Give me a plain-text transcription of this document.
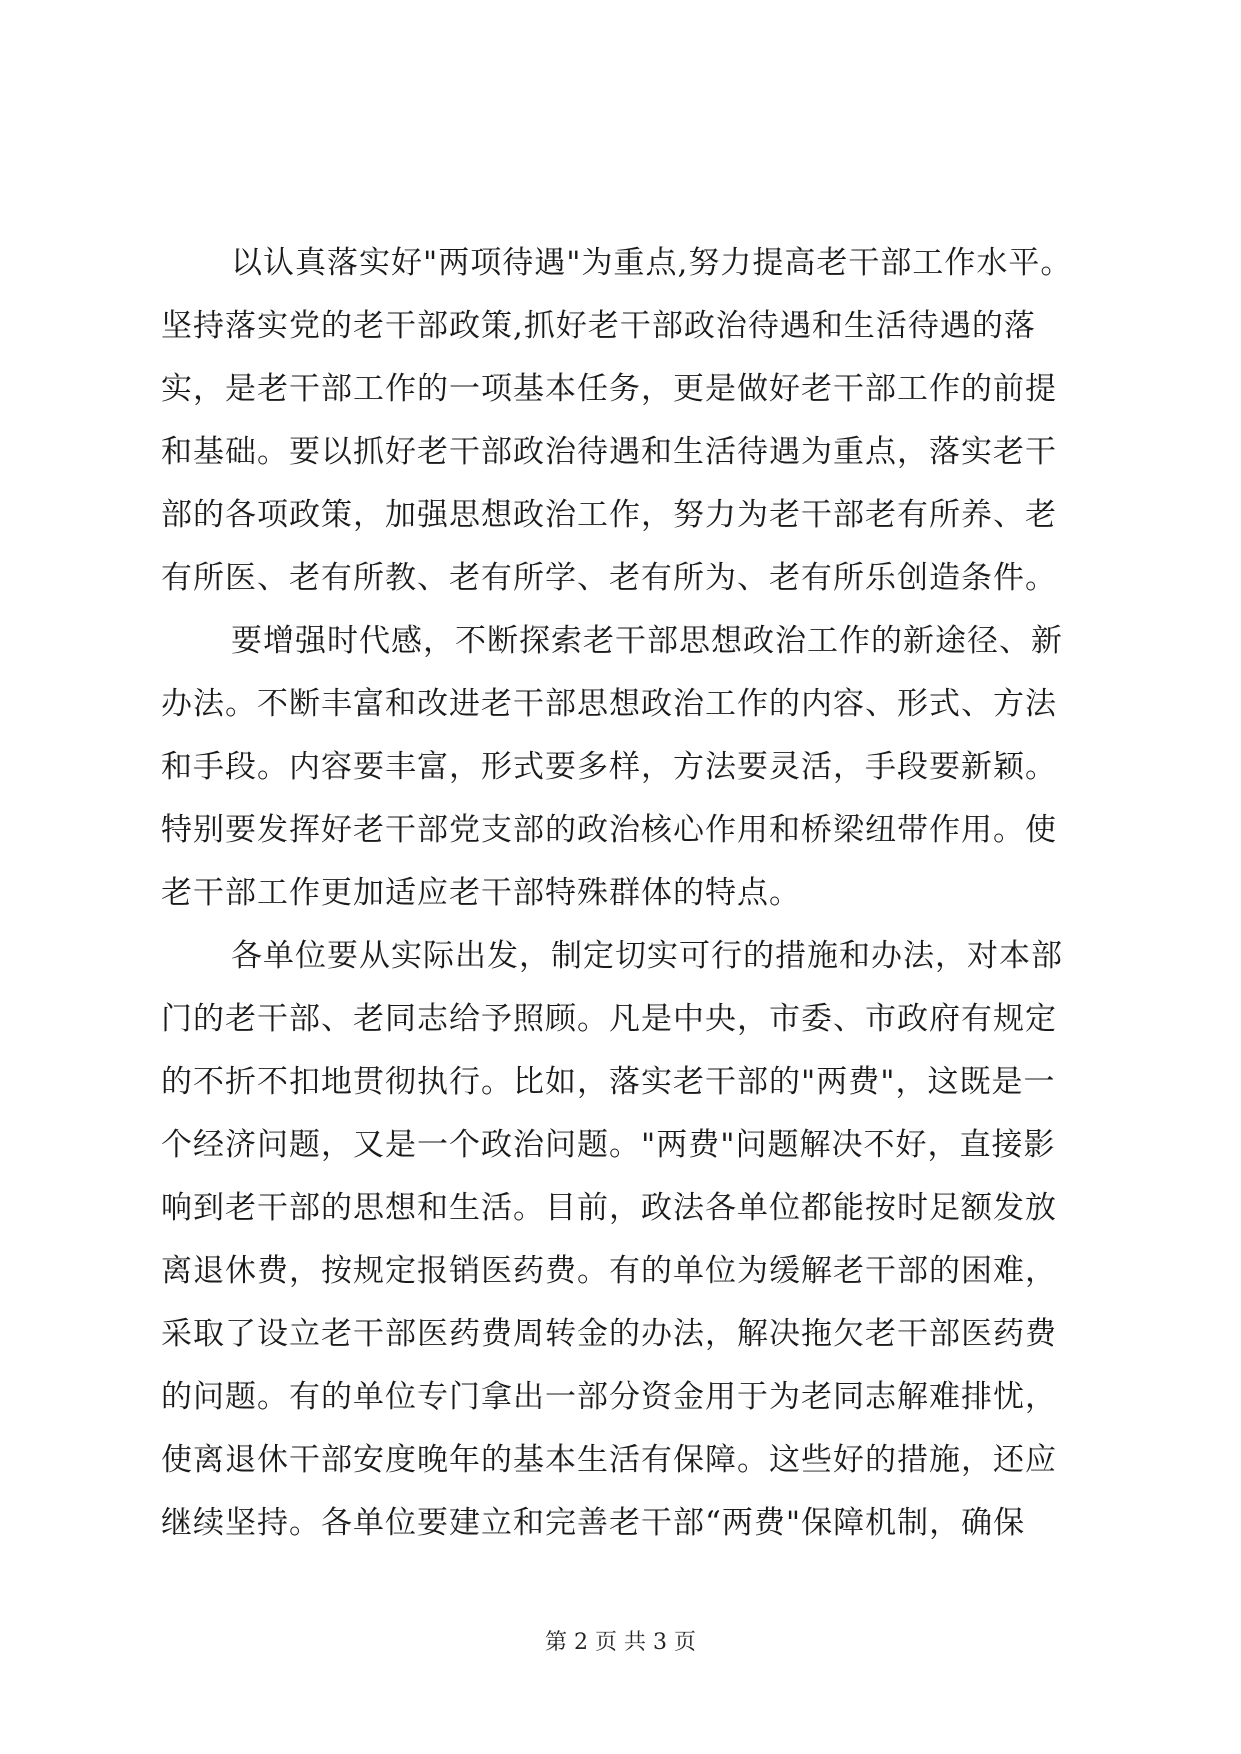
以认真落实好"两项待遇"为重点,努力提高老干部工作水平。
坚持落实党的老干部政策,抓好老干部政治待遇和生活待遇的落
实，是老干部工作的一项基本任务，更是做好老干部工作的前提
和基础。要以抓好老干部政治待遇和生活待遇为重点，落实老干
部的各项政策，加强思想政治工作，努力为老干部老有所养、老
有所医、老有所教、老有所学、老有所为、老有所乐创造条件。
要增强时代感，不断探索老干部思想政治工作的新途径、新
办法。不断丰富和改进老干部思想政治工作的内容、形式、方法
和手段。内容要丰富，形式要多样，方法要灵活，手段要新颖。
特别要发挥好老干部党支部的政治核心作用和桥梁纽带作用。使
老干部工作更加适应老干部特殊群体的特点。
各单位要从实际出发，制定切实可行的措施和办法，对本部
门的老干部、老同志给予照顾。凡是中央，市委、市政府有规定
的不折不扣地贯彻执行。比如，落实老干部的"两费"，这既是一
个经济问题，又是一个政治问题。"两费"问题解决不好，直接影
响到老干部的思想和生活。目前，政法各单位都能按时足额发放
离退休费，按规定报销医药费。有的单位为缓解老干部的困难，
采取了设立老干部医药费周转金的办法，解决拖欠老干部医药费
的问题。有的单位专门拿出一部分资金用于为老同志解难排忧，
使离退休干部安度晚年的基本生活有保障。这些好的措施，还应
继续坚持。各单位要建立和完善老干部“两费"保障机制，确保
第 2 页 共 3 页
